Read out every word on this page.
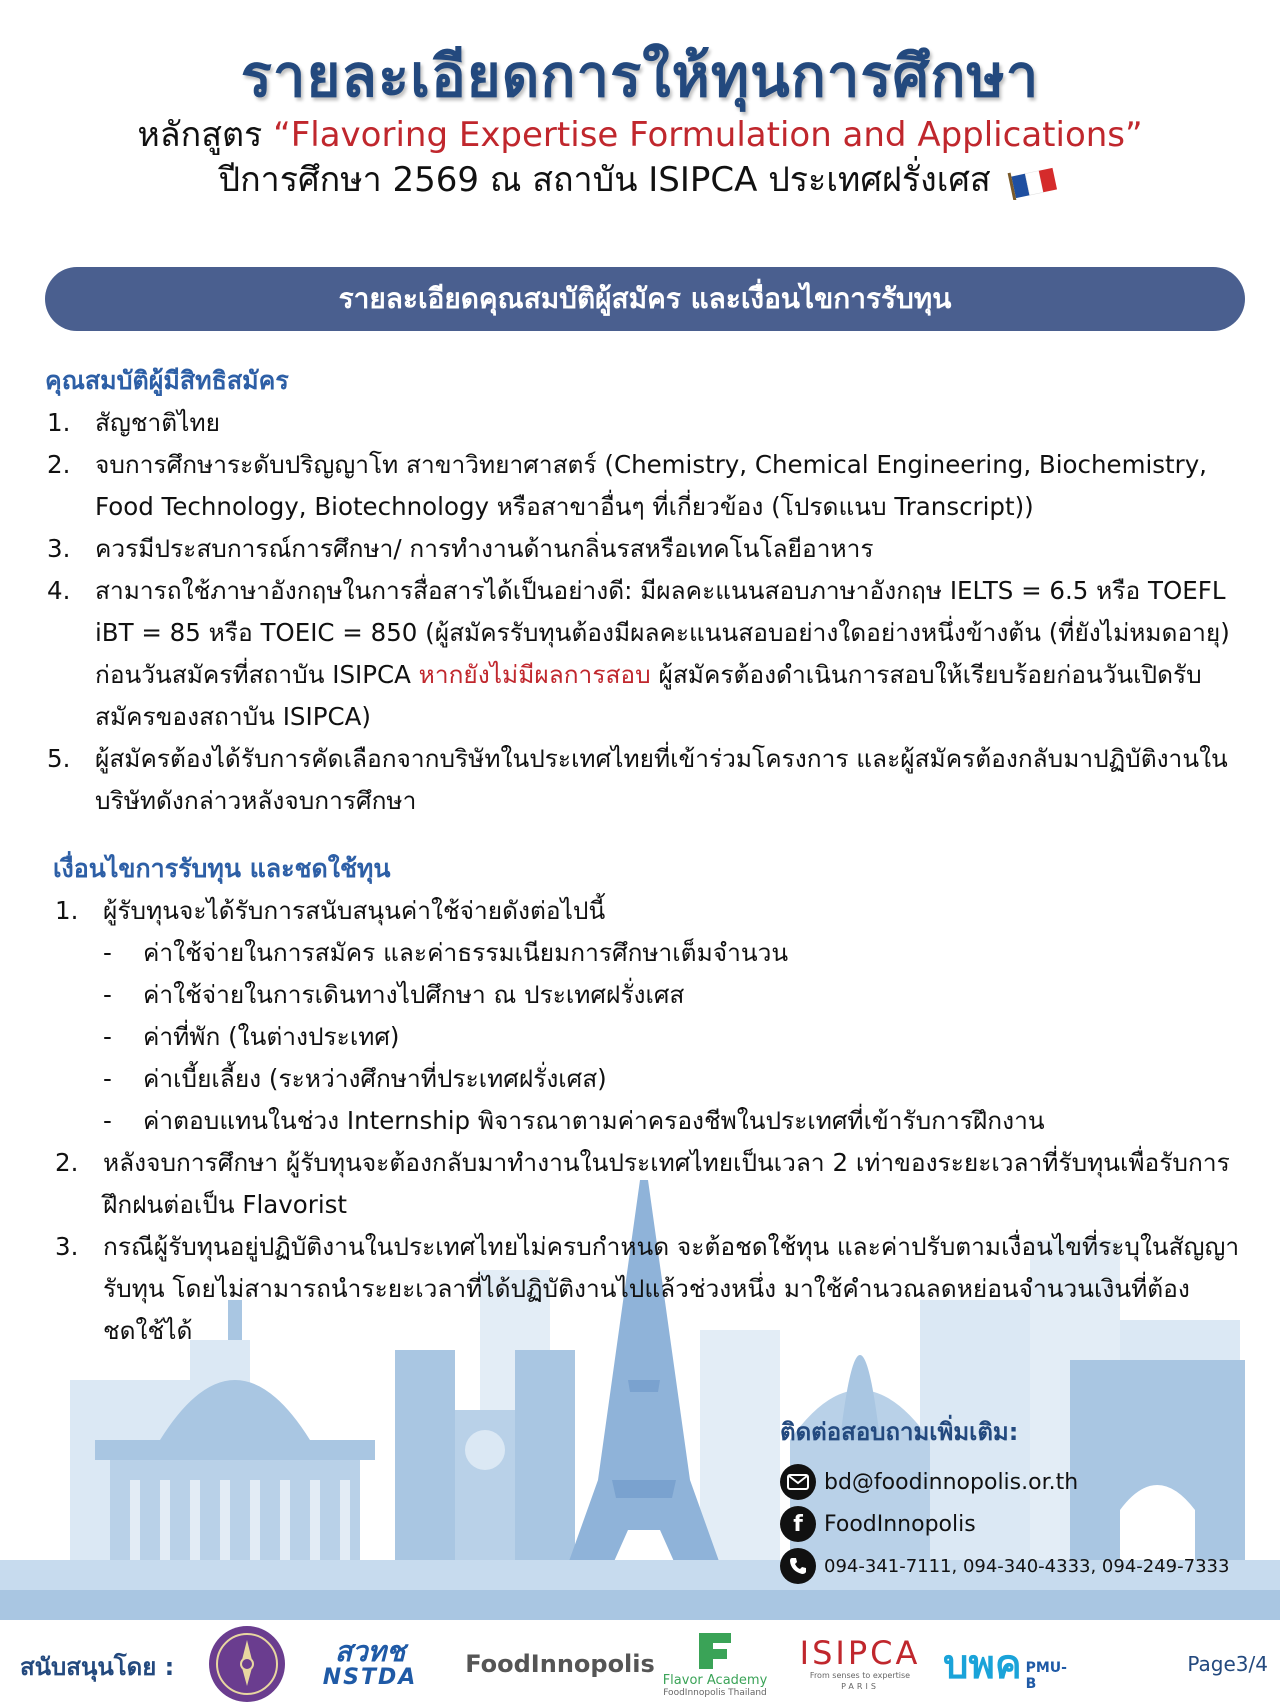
รายละเอียดการให้ทุนการศึกษา
หลักสูตร “Flavoring Expertise Formulation and Applications”
ปีการศึกษา 2569 ณ สถาบัน ISIPCA ประเทศฝรั่งเศส
รายละเอียดคุณสมบัติผู้สมัคร และเงื่อนไขการรับทุน
คุณสมบัติผู้มีสิทธิสมัคร
1. สัญชาติไทย
2. จบการศึกษาระดับปริญญาโท สาขาวิทยาศาสตร์ (Chemistry, Chemical Engineering, Biochemistry, Food Technology, Biotechnology หรือสาขาอื่นๆ ที่เกี่ยวข้อง (โปรดแนบ Transcript))
3. ควรมีประสบการณ์การศึกษา/ การทำงานด้านกลิ่นรสหรือเทคโนโลยีอาหาร
4. สามารถใช้ภาษาอังกฤษในการสื่อสารได้เป็นอย่างดี: มีผลคะแนนสอบภาษาอังกฤษ IELTS = 6.5 หรือ TOEFL iBT = 85 หรือ TOEIC = 850 (ผู้สมัครรับทุนต้องมีผลคะแนนสอบอย่างใดอย่างหนึ่งข้างต้น (ที่ยังไม่หมดอายุ) ก่อนวันสมัครที่สถาบัน ISIPCA หากยังไม่มีผลการสอบ ผู้สมัครต้องดำเนินการสอบให้เรียบร้อยก่อนวันเปิดรับสมัครของสถาบัน ISIPCA)
5. ผู้สมัครต้องได้รับการคัดเลือกจากบริษัทในประเทศไทยที่เข้าร่วมโครงการ และผู้สมัครต้องกลับมาปฏิบัติงานในบริษัทดังกล่าวหลังจบการศึกษา
เงื่อนไขการรับทุน และชดใช้ทุน
1. ผู้รับทุนจะได้รับการสนับสนุนค่าใช้จ่ายดังต่อไปนี้
- ค่าใช้จ่ายในการสมัคร และค่าธรรมเนียมการศึกษาเต็มจำนวน
- ค่าใช้จ่ายในการเดินทางไปศึกษา ณ ประเทศฝรั่งเศส
- ค่าที่พัก (ในต่างประเทศ)
- ค่าเบี้ยเลี้ยง (ระหว่างศึกษาที่ประเทศฝรั่งเศส)
- ค่าตอบแทนในช่วง Internship พิจารณาตามค่าครองชีพในประเทศที่เข้ารับการฝึกงาน
2. หลังจบการศึกษา ผู้รับทุนจะต้องกลับมาทำงานในประเทศไทยเป็นเวลา 2 เท่าของระยะเวลาที่รับทุนเพื่อรับการฝึกฝนต่อเป็น Flavorist
3. กรณีผู้รับทุนอยู่ปฏิบัติงานในประเทศไทยไม่ครบกำหนด จะต้อชดใช้ทุน และค่าปรับตามเงื่อนไขที่ระบุในสัญญารับทุน โดยไม่สามารถนำระยะเวลาที่ได้ปฏิบัติงานไปแล้วช่วงหนึ่ง มาใช้คำนวณลดหย่อนจำนวนเงินที่ต้องชดใช้ได้
ติดต่อสอบถามเพิ่มเติม:
bd@foodinnopolis.or.th
f FoodInnopolis
094-341-7111, 094-340-4333, 094-249-7333
สนับสนุนโดย :	สวทช
NSTDA FoodInnopolis
Flavor Academy
FoodInnopolis Thailand
ISIPCA
From senses to expertise
PARIS บพค PMU-B
Page3/4
